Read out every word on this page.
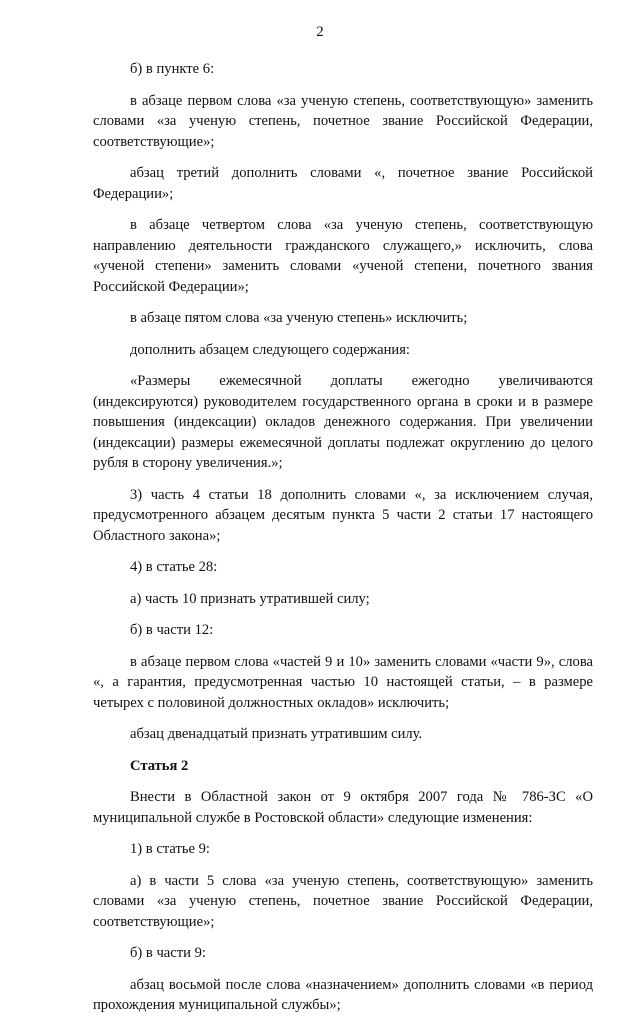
2

б) в пункте 6:

в абзаце первом слова «за ученую степень, соответствующую» заменить словами «за ученую степень, почетное звание Российской Федерации, соответствующие»;

абзац третий дополнить словами «, почетное звание Российской Федерации»;

в абзаце четвертом слова «за ученую степень, соответствующую направлению деятельности гражданского служащего,» исключить, слова «ученой степени» заменить словами «ученой степени, почетного звания Российской Федерации»;

в абзаце пятом слова «за ученую степень» исключить;

дополнить абзацем следующего содержания:

«Размеры ежемесячной доплаты ежегодно увеличиваются (индексируются) руководителем государственного органа в сроки и в размере повышения (индексации) окладов денежного содержания. При увеличении (индексации) размеры ежемесячной доплаты подлежат округлению до целого рубля в сторону увеличения.»;

3) часть 4 статьи 18 дополнить словами «, за исключением случая, предусмотренного абзацем десятым пункта 5 части 2 статьи 17 настоящего Областного закона»;

4) в статье 28:

а) часть 10 признать утратившей силу;

б) в части 12:

в абзаце первом слова «частей 9 и 10» заменить словами «части 9», слова «, а гарантия, предусмотренная частью 10 настоящей статьи, – в размере четырех с половиной должностных окладов» исключить;

абзац двенадцатый признать утратившим силу.

Статья 2

Внести в Областной закон от 9 октября 2007 года № 786-ЗС «О муниципальной службе в Ростовской области» следующие изменения:

1) в статье 9:

а) в части 5 слова «за ученую степень, соответствующую» заменить словами «за ученую степень, почетное звание Российской Федерации, соответствующие»;

б) в части 9:

абзац восьмой после слова «назначением» дополнить словами «в период прохождения муниципальной службы»;
